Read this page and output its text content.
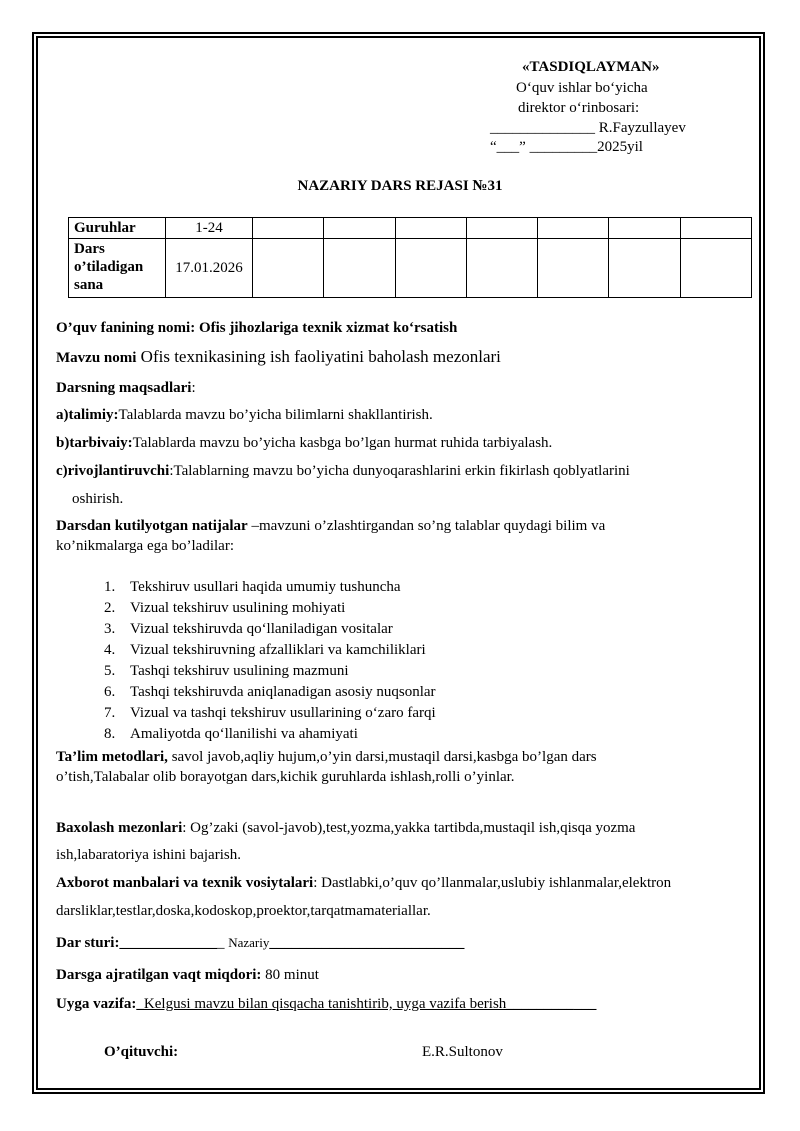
«TASDIQLAYMAN»
O‘quv ishlar bo‘yicha
direktor o‘rinbosari:
______________ R.Fayzullayev
“___” _________2025yil
NAZARIY DARS REJASI №31
Guruhlar	1-24							

Dars
o’tiladigan
sana	17.01.2026							
O’quv fanining nomi: Ofis jihozlariga texnik xizmat ko‘rsatish
Mavzu nomi Ofis texnikasining ish faoliyatini baholash mezonlari
Darsning maqsadlari:
a)talimiy:Talablarda mavzu bo’yicha bilimlarni shakllantirish.
b)tarbivaiy:Talablarda mavzu bo’yicha kasbga bo’lgan hurmat ruhida tarbiyalash.
c)rivojlantiruvchi:Talablarning mavzu bo’yicha dunyoqarashlarini erkin fikirlash qoblyatlarini
oshirish.
Darsdan kutilyotgan natijalar –mavzuni o’zlashtirgandan so’ng talablar quydagi bilim va
ko’nikmalarga ega bo’ladilar:
1. Tekshiruv usullari haqida umumiy tushuncha
2. Vizual tekshiruv usulining mohiyati
3. Vizual tekshiruvda qo‘llaniladigan vositalar
4. Vizual tekshiruvning afzalliklari va kamchiliklari
5. Tashqi tekshiruv usulining mazmuni
6. Tashqi tekshiruvda aniqlanadigan asosiy nuqsonlar
7. Vizual va tashqi tekshiruv usullarining o‘zaro farqi
8. Amaliyotda qo‘llanilishi va ahamiyati
Ta’lim metodlari, savol javob,aqliy hujum,o’yin darsi,mustaqil darsi,kasbga bo’lgan dars
o’tish,Talabalar olib borayotgan dars,kichik guruhlarda ishlash,rolli o’yinlar.
Baxolash mezonlari: Og’zaki (savol-javob),test,yozma,yakka tartibda,mustaqil ish,qisqa yozma
ish,labaratoriya ishini bajarish.
Axborot manbalari va texnik vosiytalari: Dastlabki,o’quv qo’llanmalar,uslubiy ishlanmalar,elektron
darsliklar,testlar,doska,kodoskop,proektor,tarqatmamateriallar.
Dar sturi:______________ Nazariy__________________________
Darsga ajratilgan vaqt miqdori: 80 minut
Uyga vazifa:_Kelgusi mavzu bilan qisqacha tanishtirib, uyga vazifa berish____________
O’qituvchi:	E.R.Sultonov
